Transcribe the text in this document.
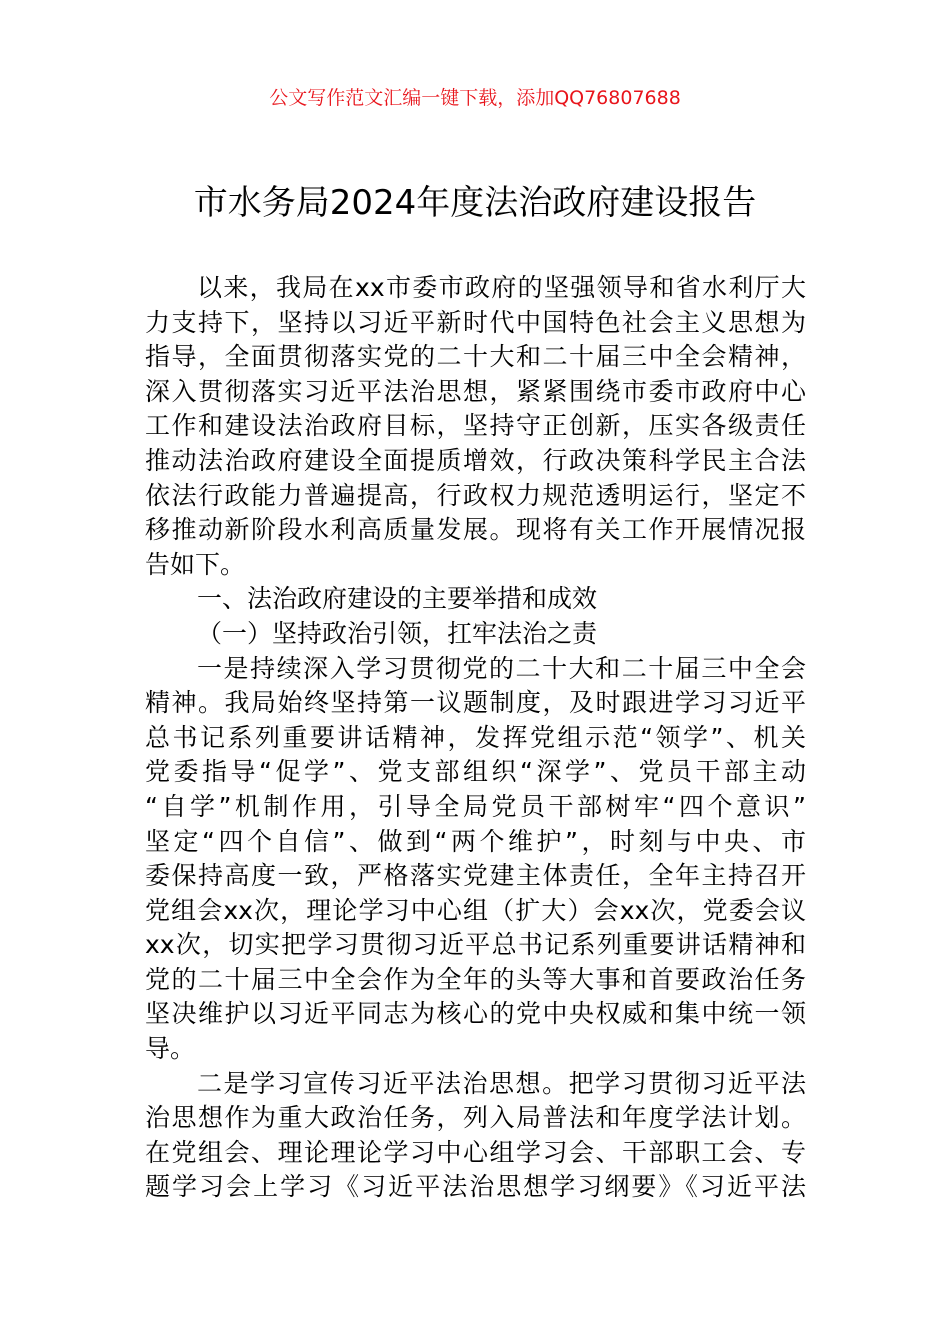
公文写作范文汇编一键下载，添加QQ76807688
市水务局2024年度法治政府建设报告
以来，我局在xx市委市政府的坚强领导和省水利厅大
力支持下，坚持以习近平新时代中国特色社会主义思想为
指导，全面贯彻落实党的二十大和二十届三中全会精神，
深入贯彻落实习近平法治思想，紧紧围绕市委市政府中心
工作和建设法治政府目标，坚持守正创新，压实各级责任
推动法治政府建设全面提质增效，行政决策科学民主合法
依法行政能力普遍提高，行政权力规范透明运行，坚定不
移推动新阶段水利高质量发展。现将有关工作开展情况报
告如下。
一、法治政府建设的主要举措和成效
（一）坚持政治引领，扛牢法治之责
一是持续深入学习贯彻党的二十大和二十届三中全会
精神。我局始终坚持第一议题制度，及时跟进学习习近平
总书记系列重要讲话精神，发挥党组示范“领学”、机关
党委指导“促学”、党支部组织“深学”、党员干部主动
“自学”机制作用，引导全局党员干部树牢“四个意识”
坚定“四个自信”、做到“两个维护”，时刻与中央、市
委保持高度一致，严格落实党建主体责任，全年主持召开
党组会xx次，理论学习中心组（扩大）会xx次，党委会议
xx次，切实把学习贯彻习近平总书记系列重要讲话精神和
党的二十届三中全会作为全年的头等大事和首要政治任务
坚决维护以习近平同志为核心的党中央权威和集中统一领
导。
二是学习宣传习近平法治思想。把学习贯彻习近平法
治思想作为重大政治任务，列入局普法和年度学法计划。
在党组会、理论理论学习中心组学习会、干部职工会、专
题学习会上学习《习近平法治思想学习纲要》《习近平法
